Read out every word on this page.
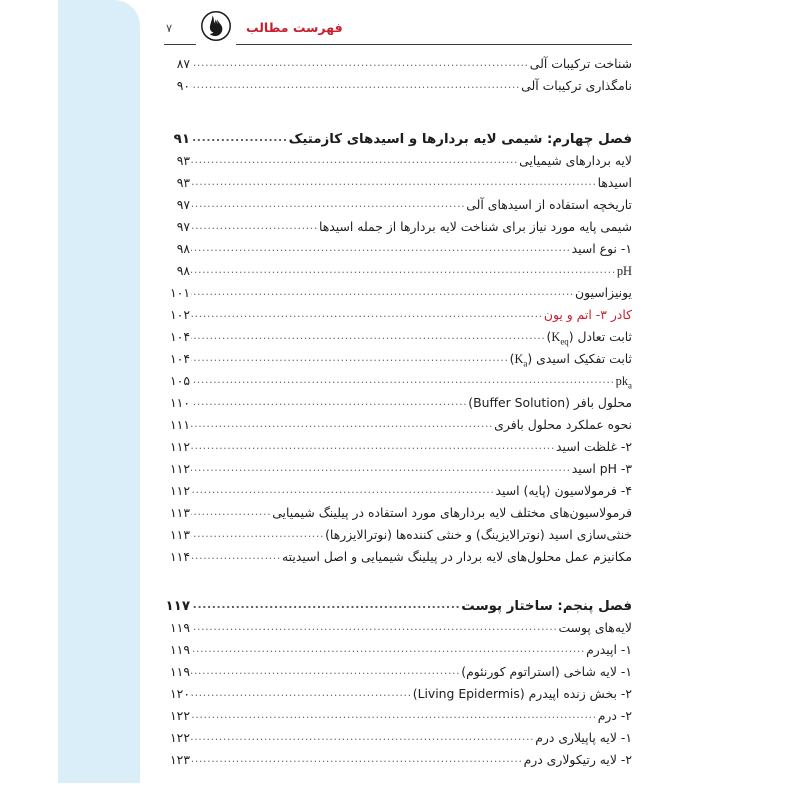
۷	فهرست مطالب
شناخت ترکیبات آلی
.....
۸۷
نامگذاری ترکیبات آلی
.....
۹۰
فصل چهارم: شیمی لایه بردارها و اسیدهای کازمتیک
.....
۹۱
لایه بردارهای شیمیایی
.....
۹۳
اسیدها
.....
۹۳
تاریخچه استفاده از اسیدهای آلی
.....
۹۷
شیمی پایه مورد نیاز برای شناخت لایه بردارها از جمله اسیدها
.....
۹۷
۱- نوع اسید
.....
۹۸
pH
.....
۹۸
یونیزاسیون
.....
۱۰۱
کادر ۳- اتم و یون
.....
۱۰۲
ثابت تعادل $(K_{eq})$
.....
۱۰۴
ثابت تفکیک اسیدی $(K_a)$
.....
۱۰۴
$pk_a$
.....
۱۰۵
محلول بافر (Buffer Solution)
.....
۱۱۰
نحوه عملکرد محلول بافری
.....
۱۱۱
۲- غلظت اسید
.....
۱۱۲
۳- pH اسید
.....
۱۱۲
۴- فرمولاسیون (پایه) اسید
.....
۱۱۲
فرمولاسیون‌های مختلف لایه بردارهای مورد استفاده در پیلینگ شیمیایی
.....
۱۱۳
خنثی‌سازی اسید (نوترالایزینگ) و خنثی کننده‌ها (نوترالایزرها)
.....
۱۱۳
مکانیزم عمل محلول‌های لایه بردار در پیلینگ شیمیایی و اصل اسیدیته
.....
۱۱۴
فصل پنجم: ساختار پوست
.....
۱۱۷
لایه‌های پوست
.....
۱۱۹
۱- اپیدرم
.....
۱۱۹
۱- لایه شاخی (استراتوم کورنئوم)
.....
۱۱۹
۲- بخش زنده اپیدرم (Living Epidermis)
.....
۱۲۰
۲- درم
.....
۱۲۲
۱- لایه پاپیلاری درم
.....
۱۲۲
۲- لایه رتیکولاری درم
.....
۱۲۳
